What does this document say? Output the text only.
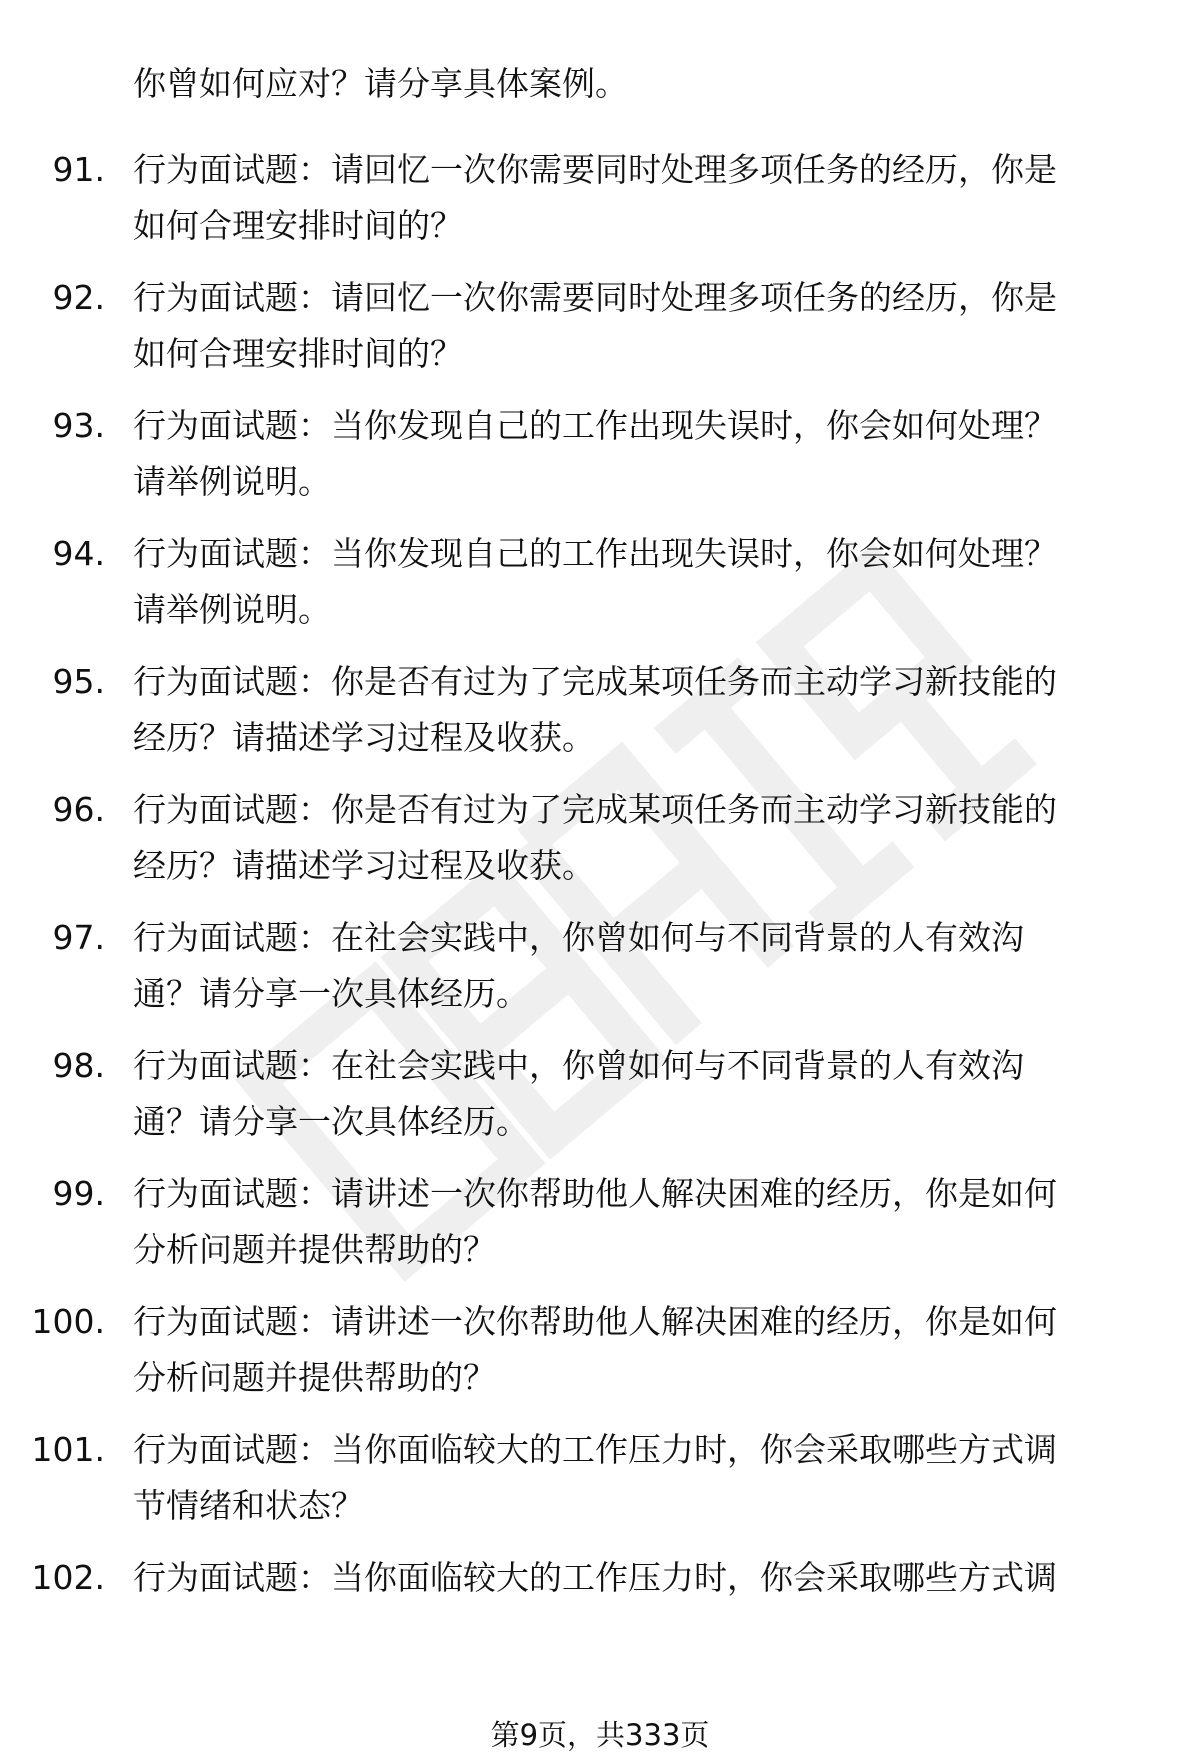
你曾如何应对？请分享具体案例。
91. 行为面试题：请回忆一次你需要同时处理多项任务的经历，你是
如何合理安排时间的？
92. 行为面试题：请回忆一次你需要同时处理多项任务的经历，你是
如何合理安排时间的？
93. 行为面试题：当你发现自己的工作出现失误时，你会如何处理？
请举例说明。
94. 行为面试题：当你发现自己的工作出现失误时，你会如何处理？
请举例说明。
95. 行为面试题：你是否有过为了完成某项任务而主动学习新技能的
经历？请描述学习过程及收获。
96. 行为面试题：你是否有过为了完成某项任务而主动学习新技能的
经历？请描述学习过程及收获。
97. 行为面试题：在社会实践中，你曾如何与不同背景的人有效沟
通？请分享一次具体经历。
98. 行为面试题：在社会实践中，你曾如何与不同背景的人有效沟
通？请分享一次具体经历。
99. 行为面试题：请讲述一次你帮助他人解决困难的经历，你是如何
分析问题并提供帮助的？
100. 行为面试题：请讲述一次你帮助他人解决困难的经历，你是如何
分析问题并提供帮助的？
101. 行为面试题：当你面临较大的工作压力时，你会采取哪些方式调
节情绪和状态？
102. 行为面试题：当你面临较大的工作压力时，你会采取哪些方式调
第9页，共333页
